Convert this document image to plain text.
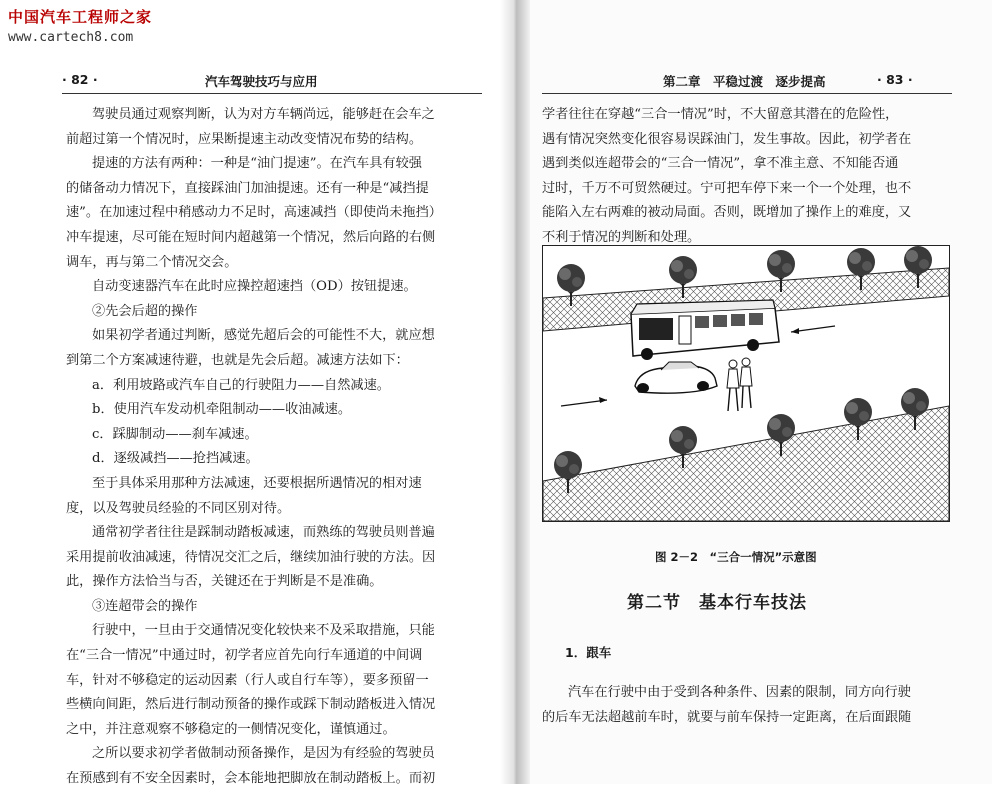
中国汽车工程师之家
www.cartech8.com
· 82 ·	汽车驾驶技巧与应用

驾驶员通过观察判断，认为对方车辆尚远，能够赶在会车之

前超过第一个情况时，应果断提速主动改变情况布势的结构。

提速的方法有两种：一种是“油门提速”。在汽车具有较强

的储备动力情况下，直接踩油门加油提速。还有一种是“减挡提

速”。在加速过程中稍感动力不足时，高速减挡（即使尚未拖挡）

冲车提速，尽可能在短时间内超越第一个情况，然后向路的右侧

调车，再与第二个情况交会。

自动变速器汽车在此时应操控超速挡（OD）按钮提速。

②先会后超的操作

如果初学者通过判断，感觉先超后会的可能性不大，就应想

到第二个方案减速待避，也就是先会后超。减速方法如下：

a．利用坡路或汽车自己的行驶阻力——自然减速。

b．使用汽车发动机牵阻制动——收油减速。

c．踩脚制动——刹车减速。

d．逐级减挡——抢挡减速。

至于具体采用那种方法减速，还要根据所遇情况的相对速

度，以及驾驶员经验的不同区别对待。

通常初学者往往是踩制动踏板减速，而熟练的驾驶员则普遍

采用提前收油减速，待情况交汇之后，继续加油行驶的方法。因

此，操作方法恰当与否，关键还在于判断是不是准确。

③连超带会的操作

行驶中，一旦由于交通情况变化较快来不及采取措施，只能

在“三合一情况”中通过时，初学者应首先向行车通道的中间调

车，针对不够稳定的运动因素（行人或自行车等），要多预留一

些横向间距，然后进行制动预备的操作或踩下制动踏板进入情况

之中，并注意观察不够稳定的一侧情况变化，谨慎通过。

之所以要求初学者做制动预备操作，是因为有经验的驾驶员

在预感到有不安全因素时，会本能地把脚放在制动踏板上。而初

第二章　平稳过渡　逐步提高	· 83 ·

学者往往在穿越“三合一情况”时，不大留意其潜在的危险性，

遇有情况突然变化很容易误踩油门，发生事故。因此，初学者在

遇到类似连超带会的“三合一情况”，拿不准主意、不知能否通

过时，千万不可贸然硬过。宁可把车停下来一个一个处理，也不

能陷入左右两难的被动局面。否则，既增加了操作上的难度，又

不利于情况的判断和处理。

图 2－2　“三合一情况”示意图
第二节　基本行车技法
1．跟车

汽车在行驶中由于受到各种条件、因素的限制，同方向行驶

的后车无法超越前车时，就要与前车保持一定距离，在后面跟随
